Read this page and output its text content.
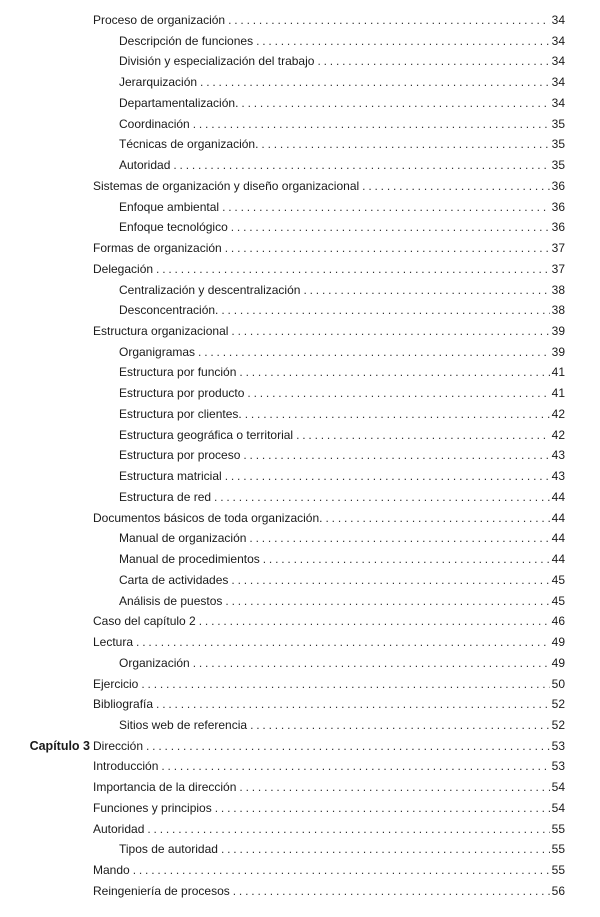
Proceso de organización . . .	34
Descripción de funciones . . .	34
División y especialización del trabajo . . .	34
Jerarquización . . .	34
Departamentalización. . . .	34
Coordinación . . .	35
Técnicas de organización. . . .	35
Autoridad . . .	35
Sistemas de organización y diseño organizacional . . .	36
Enfoque ambiental . . .	36
Enfoque tecnológico . . .	36
Formas de organización . . .	37
Delegación . . .	37
Centralización y descentralización . . .	38
Desconcentración. . . .	38
Estructura organizacional . . .	39
Organigramas . . .	39
Estructura por función . . .	41
Estructura por producto . . .	41
Estructura por clientes. . . .	42
Estructura geográfica o territorial . . .	42
Estructura por proceso . . .	43
Estructura matricial . . .	43
Estructura de red . . .	44
Documentos básicos de toda organización. . . .	44
Manual de organización . . .	44
Manual de procedimientos . . .	44
Carta de actividades . . .	45
Análisis de puestos . . .	45
Caso del capítulo 2 . . .	46
Lectura . . .	49
Organización . . .	49
Ejercicio . . .	50
Bibliografía . . .	52
Sitios web de referencia . . .	52
Capítulo 3 Dirección . . .	53
Introducción . . .	53
Importancia de la dirección . . .	54
Funciones y principios . . .	54
Autoridad . . .	55
Tipos de autoridad . . .	55
Mando . . .	55
Reingeniería de procesos . . .	56
